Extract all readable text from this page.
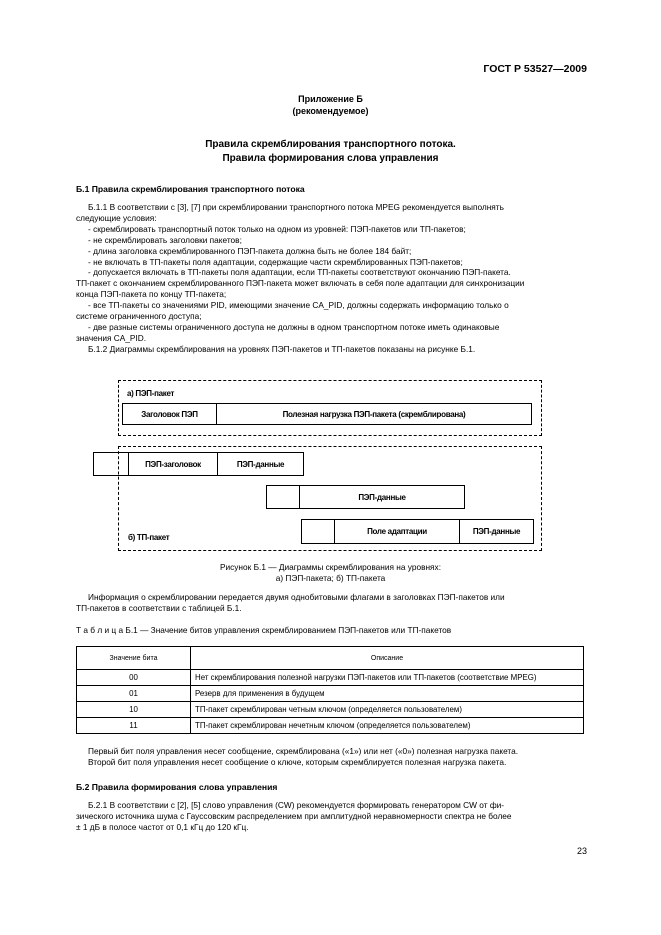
ГОСТ Р 53527—2009
Приложение Б
(рекомендуемое)
Правила скремблирования транспортного потока.
Правила формирования слова управления
Б.1 Правила скремблирования транспортного потока
Б.1.1 В соответствии с [3], [7] при скремблировании транспортного потока MPEG рекомендуется выполнять
следующие условия:
- скремблировать транспортный поток только на одном из уровней: ПЭП-пакетов или ТП-пакетов;
- не скремблировать заголовки пакетов;
- длина заголовка скремблированного ПЭП-пакета должна быть не более 184 байт;
- не включать в ТП-пакеты поля адаптации, содержащие части скремблированных ПЭП-пакетов;
- допускается включать в ТП-пакеты поля адаптации, если ТП-пакеты соответствуют окончанию ПЭП-пакета.
ТП-пакет с окончанием скремблированного ПЭП-пакета может включать в себя поле адаптации для синхронизации
конца ПЭП-пакета по концу ТП-пакета;
- все ТП-пакеты со значениями PID, имеющими значение CA_PID, должны содержать информацию только о
системе ограниченного доступа;
- две разные системы ограниченного доступа не должны в одном транспортном потоке иметь одинаковые
значения CA_PID.
Б.1.2 Диаграммы скремблирования на уровнях ПЭП-пакетов и ТП-пакетов показаны на рисунке Б.1.
а) ПЭП-пакет
Заголовок ПЭП	Полезная нагрузка ПЭП-пакета (скремблирована)
ПЭП-заголовок	ПЭП-данные
ПЭП-данные
б) ТП-пакет
Поле адаптации	ПЭП-данные
Рисунок Б.1 — Диаграммы скремблирования на уровнях:
а) ПЭП-пакета; б) ТП-пакета
Информация о скремблировании передается двумя однобитовыми флагами в заголовках ПЭП-пакетов или
ТП-пакетов в соответствии с таблицей Б.1.
Т а б л и ц а Б.1 — Значение битов управления скремблированием ПЭП-пакетов или ТП-пакетов
Значение бита	Описание
00	Нет скремблирования полезной нагрузки ПЭП-пакетов или ТП-пакетов (соответствие MPEG)
01	Резерв для применения в будущем
10	ТП-пакет скремблирован четным ключом (определяется пользователем)
11	ТП-пакет скремблирован нечетным ключом (определяется пользователем)
Первый бит поля управления несет сообщение, скремблирована («1») или нет («0») полезная нагрузка пакета.
Второй бит поля управления несет сообщение о ключе, которым скремблируется полезная нагрузка пакета.
Б.2 Правила формирования слова управления
Б.2.1 В соответствии с [2], [5] слово управления (CW) рекомендуется формировать генератором CW от фи-
зического источника шума с Гауссовским распределением при амплитудной неравномерности спектра не более
± 1 дБ в полосе частот от 0,1 кГц до 120 кГц.
23
